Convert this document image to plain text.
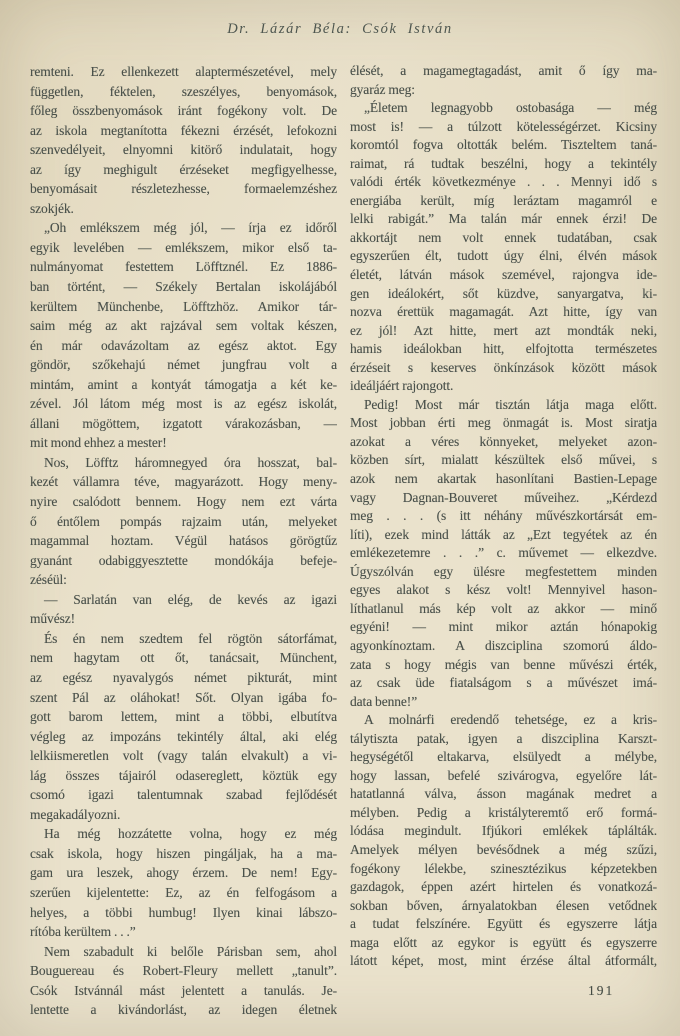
Dr. Lázár Béla: Csók István
remteni. Ez ellenkezett alaptermészetével, mely
független, féktelen, szeszélyes, benyomások,
főleg összbenyomások iránt fogékony volt. De
az iskola megtanította fékezni érzését, lefokozni
szenvedélyeit, elnyomni kitörő indulatait, hogy
az így meghigult érzéseket megfigyelhesse,
benyomásait részletezhesse, formaelemzéshez
szokjék.
„Oh emlékszem még jól, — írja ez időről
egyik levelében — emlékszem, mikor első ta-
nulmányomat festettem Löfftznél. Ez 1886-
ban történt, — Székely Bertalan iskolájából
kerültem Münchenbe, Löfftzhöz. Amikor tár-
saim még az akt rajzával sem voltak készen,
én már odavázoltam az egész aktot. Egy
göndör, szőkehajú német jungfrau volt a
mintám, amint a kontyát támogatja a két ke-
zével. Jól látom még most is az egész iskolát,
állani mögöttem, izgatott várakozásban, —
mit mond ehhez a mester!
Nos, Löfftz háromnegyed óra hosszat, bal-
kezét vállamra téve, magyarázott. Hogy meny-
nyire csalódott bennem. Hogy nem ezt várta
ő éntőlem pompás rajzaim után, melyeket
magammal hoztam. Végül hatásos görögtűz
gyanánt odabiggyesztette mondókája befeje-
zéséül:
— Sarlatán van elég, de kevés az igazi
művész!
És én nem szedtem fel rögtön sátorfámat,
nem hagytam ott őt, tanácsait, Münchent,
az egész nyavalygós német pikturát, mint
szent Pál az oláhokat! Sőt. Olyan igába fo-
gott barom lettem, mint a többi, elbutítva
végleg az impozáns tekintély által, aki elég
lelkiismeretlen volt (vagy talán elvakult) a vi-
lág összes tájairól odasereglett, köztük egy
csomó igazi talentumnak szabad fejlődését
megakadályozni.
Ha még hozzátette volna, hogy ez még
csak iskola, hogy hiszen pingáljak, ha a ma-
gam ura leszek, ahogy érzem. De nem! Egy-
szerűen kijelentette: Ez, az én felfogásom a
helyes, a többi humbug! Ilyen kinai lábszo-
rítóba kerültem . . .”
Nem szabadult ki belőle Párisban sem, ahol
Bouguereau és Robert-Fleury mellett „tanult”.
Csók Istvánnál mást jelentett a tanulás. Je-
lentette a kivándorlást, az idegen életnek
élését, a magamegtagadást, amit ő így ma-
gyaráz meg:
„Életem legnagyobb ostobasága — még
most is! — a túlzott kötelességérzet. Kicsiny
koromtól fogva oltották belém. Tiszteltem taná-
raimat, rá tudtak beszélni, hogy a tekintély
valódi érték következménye . . . Mennyi idő s
energiába került, míg leráztam magamról e
lelki rabigát.” Ma talán már ennek érzi! De
akkortájt nem volt ennek tudatában, csak
egyszerűen élt, tudott úgy élni, élvén mások
életét, látván mások szemével, rajongva ide-
gen ideálokért, sőt küzdve, sanyargatva, ki-
nozva érettük magamagát. Azt hitte, így van
ez jól! Azt hitte, mert azt mondták neki,
hamis ideálokban hitt, elfojtotta természetes
érzéseit s keserves önkínzások között mások
ideáljáért rajongott.
Pedig! Most már tisztán látja maga előtt.
Most jobban érti meg önmagát is. Most siratja
azokat a véres könnyeket, melyeket azon-
közben sírt, mialatt készültek első művei, s
azok nem akartak hasonlítani Bastien-Lepage
vagy Dagnan-Bouveret műveihez. „Kérdezd
meg . . . (s itt néhány művészkortársát em-
líti), ezek mind látták az „Ezt tegyétek az én
emlékezetemre . . .” c. művemet — elkezdve.
Úgyszólván egy ülésre megfestettem minden
egyes alakot s kész volt! Mennyivel hason-
líthatlanul más kép volt az akkor — minő
egyéni! — mint mikor aztán hónapokig
agyonkínoztam. A diszciplina szomorú áldo-
zata s hogy mégis van benne művészi érték,
az csak üde fiatalságom s a művészet imá-
data benne!”
A molnárfi eredendő tehetsége, ez a kris-
tálytiszta patak, igyen a diszciplina Karszt-
hegységétől eltakarva, elsülyedt a mélybe,
hogy lassan, befelé szivárogva, egyelőre lát-
hatatlanná válva, ásson magának medret a
mélyben. Pedig a kristályteremtő erő formá-
lódása megindult. Ifjúkori emlékek táplálták.
Amelyek mélyen bevésődnek a még szűzi,
fogékony lélekbe, szinesztézikus képzetekben
gazdagok, éppen azért hirtelen és vonatkozá-
sokban bőven, árnyalatokban élesen vetődnek
a tudat felszínére. Együtt és egyszerre látja
maga előtt az egykor is együtt és egyszerre
látott képet, most, mint érzése által átformált,
191
